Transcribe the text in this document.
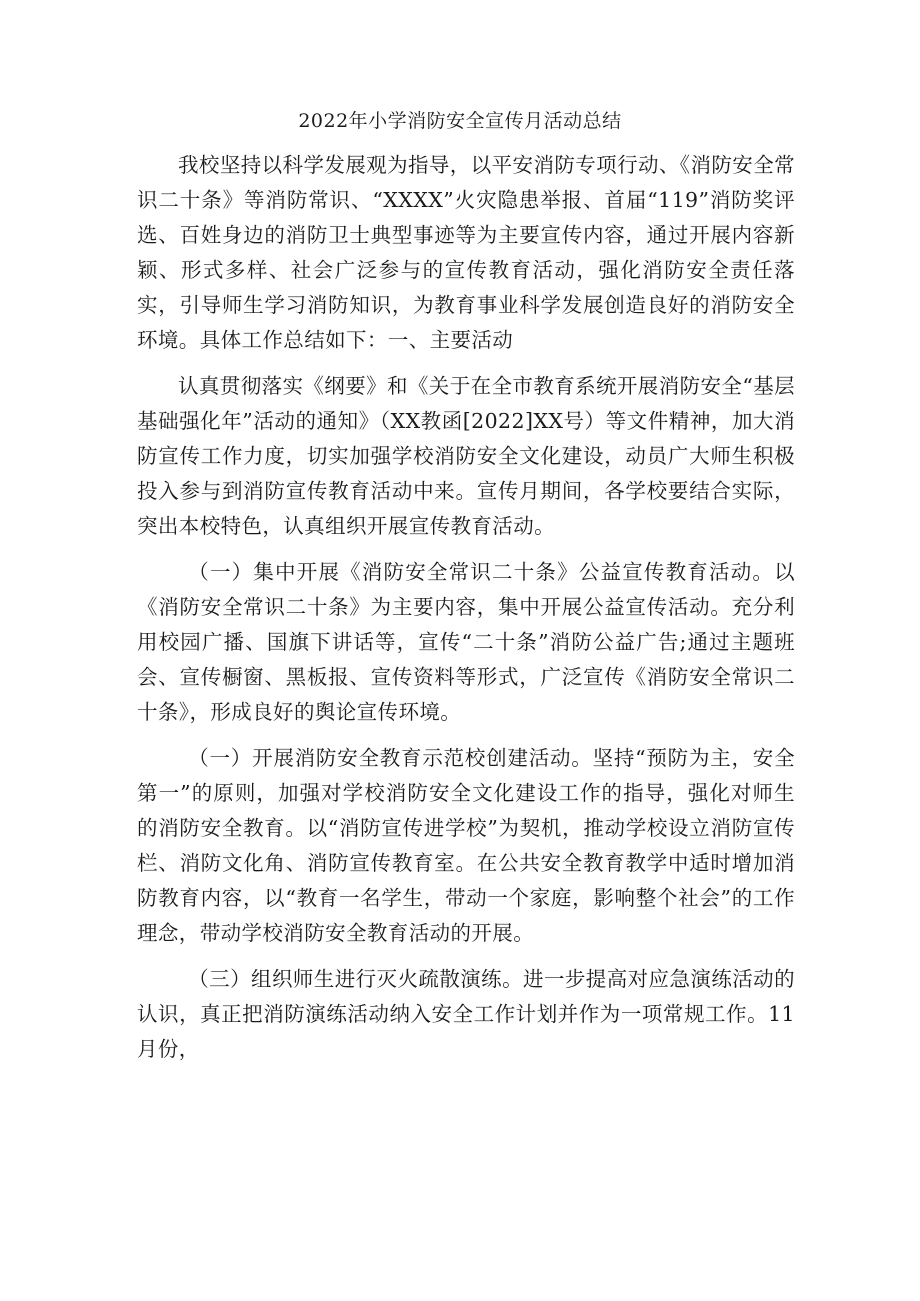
2022年小学消防安全宣传月活动总结

我校坚持以科学发展观为指导，以平安消防专项行动、《消防安全常识二十条》等消防常识、“XXXX”火灾隐患举报、首届“119”消防奖评选、百姓身边的消防卫士典型事迹等为主要宣传内容，通过开展内容新颖、形式多样、社会广泛参与的宣传教育活动，强化消防安全责任落实，引导师生学习消防知识，为教育事业科学发展创造良好的消防安全环境。具体工作总结如下：一、主要活动

认真贯彻落实《纲要》和《关于在全市教育系统开展消防安全“基层基础强化年”活动的通知》（XX教函[2022]XX号）等文件精神，加大消防宣传工作力度，切实加强学校消防安全文化建设，动员广大师生积极投入参与到消防宣传教育活动中来。宣传月期间，各学校要结合实际，突出本校特色，认真组织开展宣传教育活动。

（一）集中开展《消防安全常识二十条》公益宣传教育活动。以《消防安全常识二十条》为主要内容，集中开展公益宣传活动。充分利用校园广播、国旗下讲话等，宣传“二十条”消防公益广告;通过主题班会、宣传橱窗、黑板报、宣传资料等形式，广泛宣传《消防安全常识二十条》，形成良好的舆论宣传环境。

（一）开展消防安全教育示范校创建活动。坚持“预防为主，安全第一”的原则，加强对学校消防安全文化建设工作的指导，强化对师生的消防安全教育。以“消防宣传进学校”为契机，推动学校设立消防宣传栏、消防文化角、消防宣传教育室。在公共安全教育教学中适时增加消防教育内容，以“教育一名学生，带动一个家庭，影响整个社会”的工作理念，带动学校消防安全教育活动的开展。

（三）组织师生进行灭火疏散演练。进一步提高对应急演练活动的认识，真正把消防演练活动纳入安全工作计划并作为一项常规工作。11月份，
